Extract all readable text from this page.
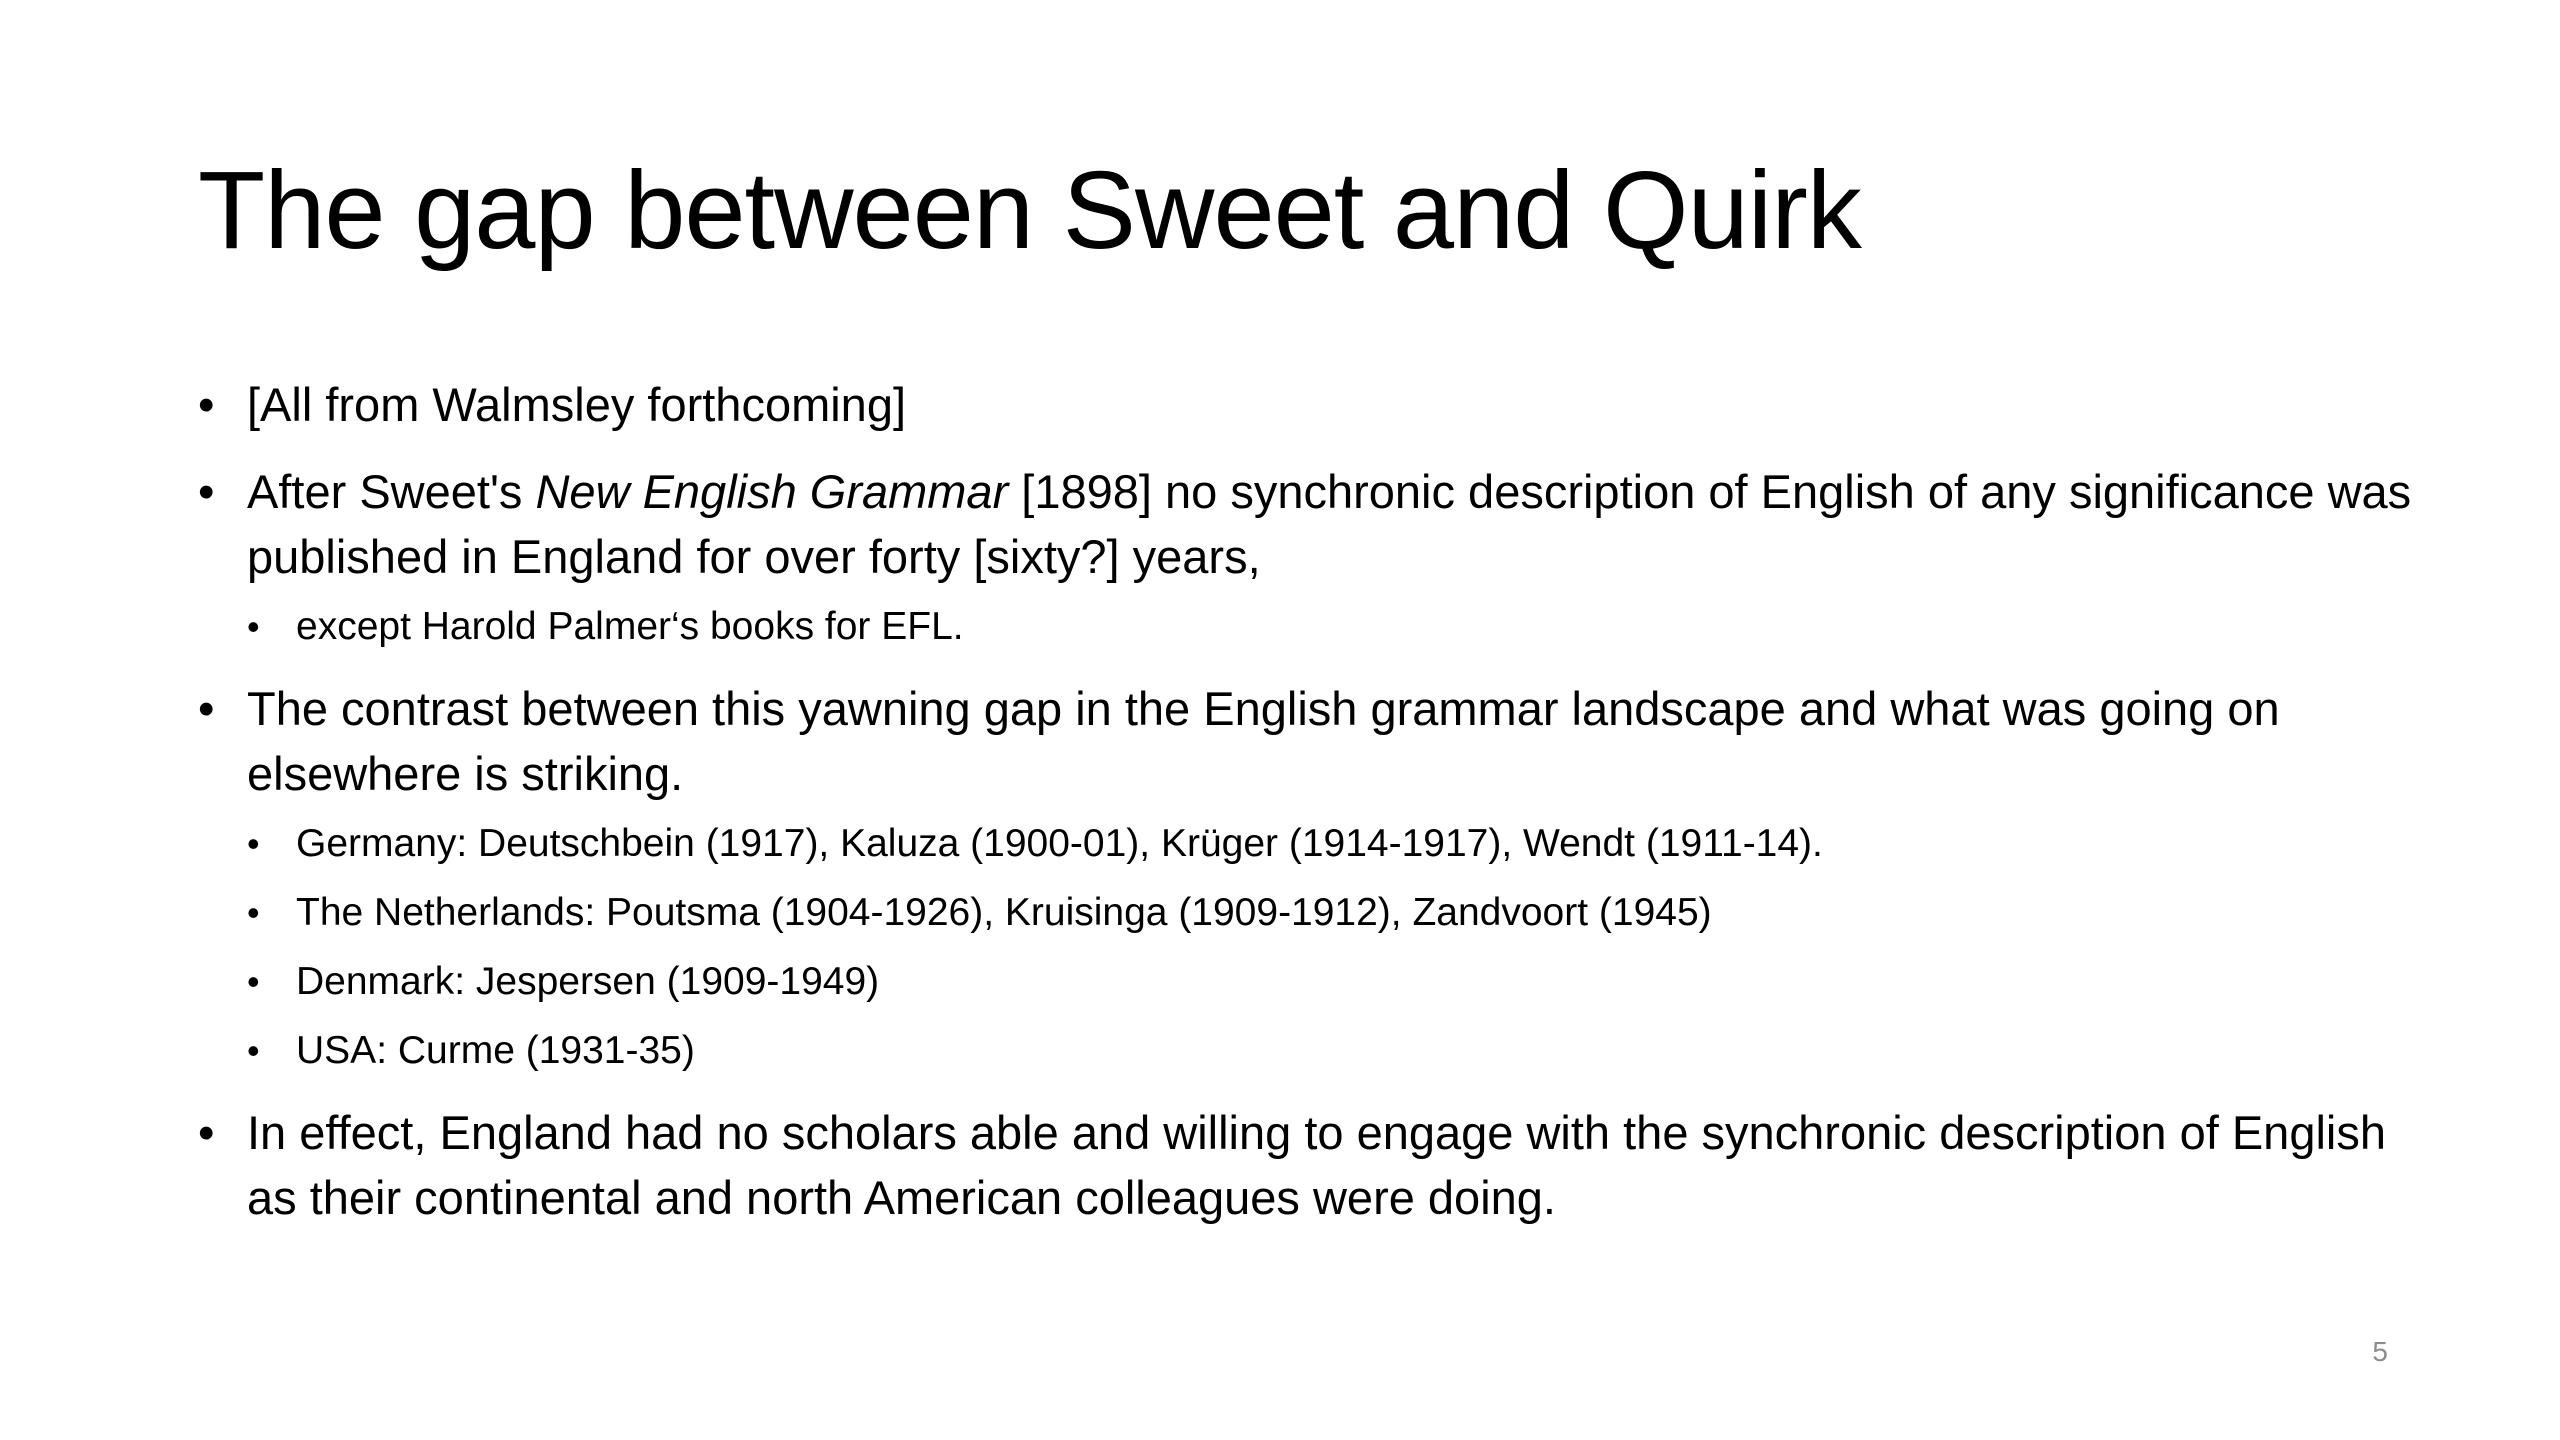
The gap between Sweet and Quirk
• [All from Walmsley forthcoming]
• After Sweet's New English Grammar [1898] no synchronic description of English of any significance was published in England for over forty [sixty?] years,
• except Harold Palmer‘s books for EFL.
• The contrast between this yawning gap in the English grammar landscape and what was going on elsewhere is striking.
• Germany: Deutschbein (1917), Kaluza (1900-01), Krüger (1914-1917), Wendt (1911-14).
• The Netherlands: Poutsma (1904-1926), Kruisinga (1909-1912), Zandvoort (1945)
• Denmark: Jespersen (1909-1949)
• USA: Curme (1931-35)
• In effect, England had no scholars able and willing to engage with the synchronic description of English as their continental and north American colleagues were doing.
5
